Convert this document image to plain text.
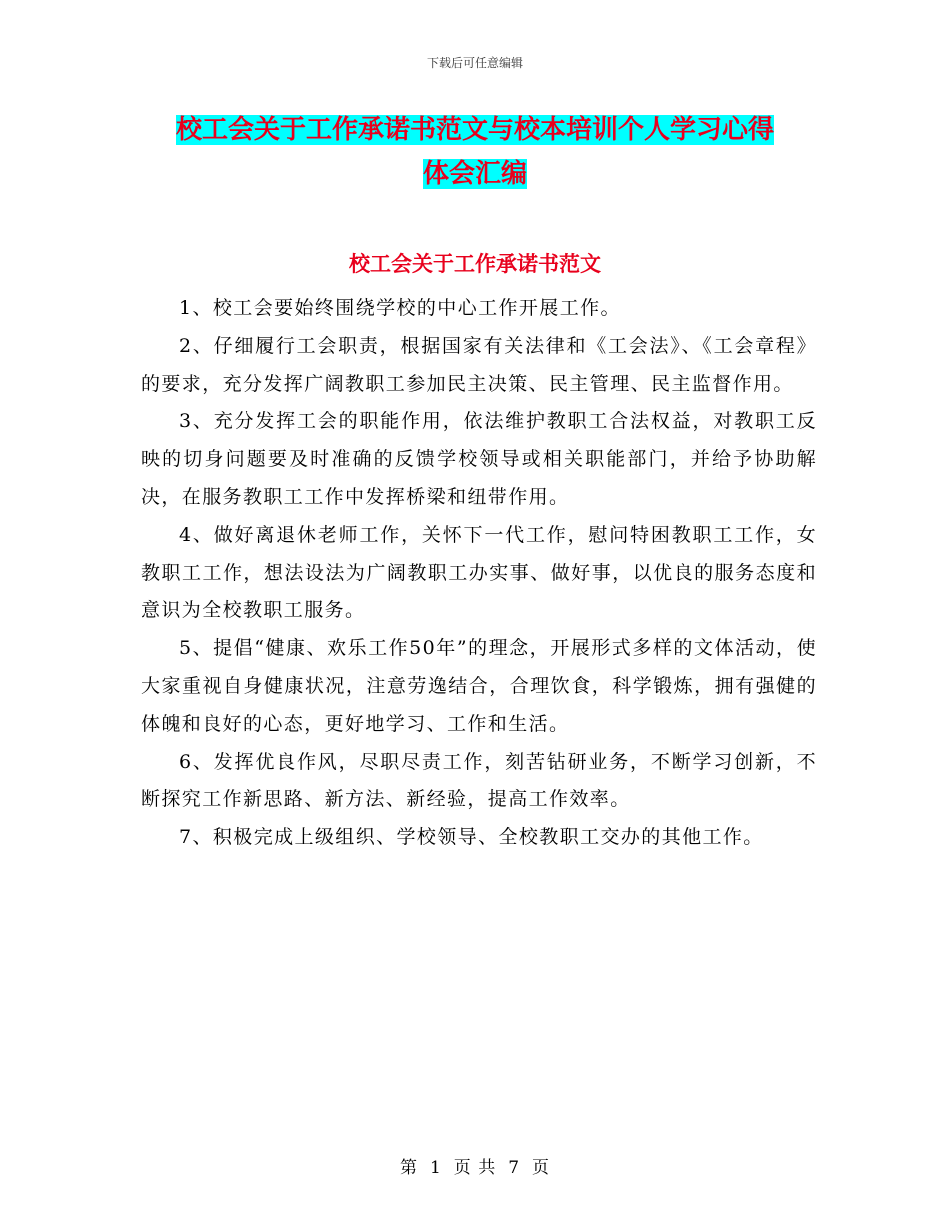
下载后可任意编辑
校工会关于工作承诺书范文与校本培训个人学习心得
体会汇编
校工会关于工作承诺书范文

1、校工会要始终围绕学校的中心工作开展工作。

2、仔细履行工会职责，根据国家有关法律和《工会法》、《工会章程》的要求，充分发挥广阔教职工参加民主决策、民主管理、民主监督作用。

3、充分发挥工会的职能作用，依法维护教职工合法权益，对教职工反映的切身问题要及时准确的反馈学校领导或相关职能部门，并给予协助解决，在服务教职工工作中发挥桥梁和纽带作用。

4、做好离退休老师工作，关怀下一代工作，慰问特困教职工工作，女教职工工作，想法设法为广阔教职工办实事、做好事，以优良的服务态度和意识为全校教职工服务。

5、提倡“健康、欢乐工作50年”的理念，开展形式多样的文体活动，使大家重视自身健康状况，注意劳逸结合，合理饮食，科学锻炼，拥有强健的体魄和良好的心态，更好地学习、工作和生活。

6、发挥优良作风，尽职尽责工作，刻苦钻研业务，不断学习创新，不断探究工作新思路、新方法、新经验，提高工作效率。

7、积极完成上级组织、学校领导、全校教职工交办的其他工作。

第 1 页 共 7 页
